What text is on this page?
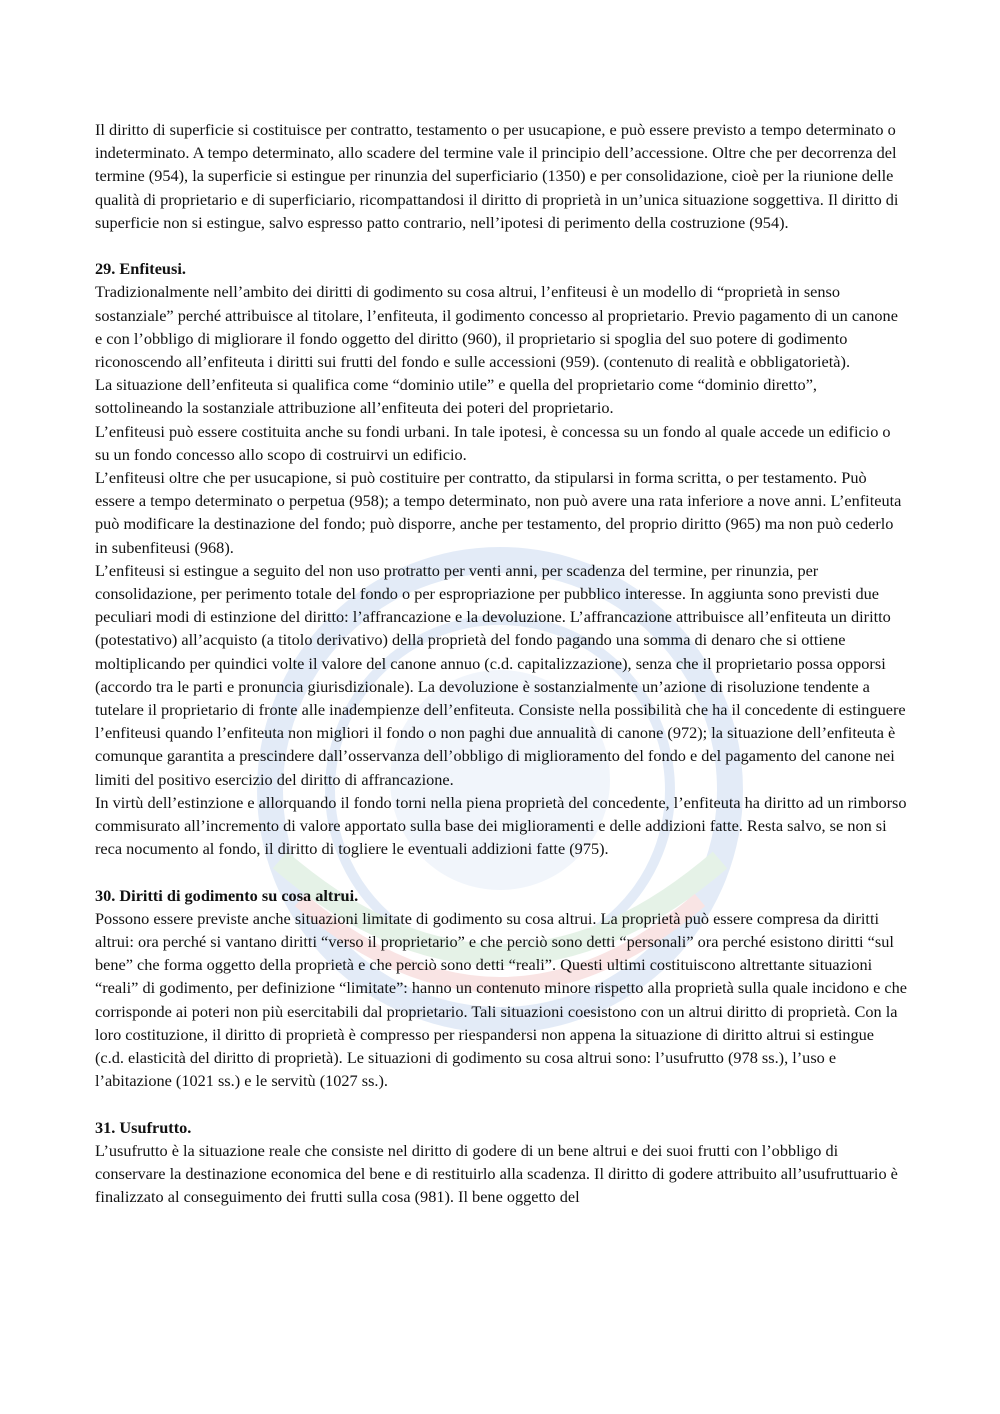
Il diritto di superficie si costituisce per contratto, testamento o per usucapione, e può essere previsto a tempo determinato o indeterminato. A tempo determinato, allo scadere del termine vale il principio dell’accessione. Oltre che per decorrenza del termine (954), la superficie si estingue per rinunzia del superficiario (1350) e per consolidazione, cioè per la riunione delle qualità di proprietario e di superficiario, ricompattandosi il diritto di proprietà in un’unica situazione soggettiva. Il diritto di superficie non si estingue, salvo espresso patto contrario, nell’ipotesi di perimento della costruzione (954).

29. Enfiteusi.

Tradizionalmente nell’ambito dei diritti di godimento su cosa altrui, l’enfiteusi è un modello di “proprietà in senso sostanziale” perché attribuisce al titolare, l’enfiteuta, il godimento concesso al proprietario. Previo pagamento di un canone e con l’obbligo di migliorare il fondo oggetto del diritto (960), il proprietario si spoglia del suo potere di godimento riconoscendo all’enfiteuta i diritti sui frutti del fondo e sulle accessioni (959). (contenuto di realità e obbligatorietà).

La situazione dell’enfiteuta si qualifica come “dominio utile” e quella del proprietario come “dominio diretto”, sottolineando la sostanziale attribuzione all’enfiteuta dei poteri del proprietario.

L’enfiteusi può essere costituita anche su fondi urbani. In tale ipotesi, è concessa su un fondo al quale accede un edificio o su un fondo concesso allo scopo di costruirvi un edificio.

L’enfiteusi oltre che per usucapione, si può costituire per contratto, da stipularsi in forma scritta, o per testamento. Può essere a tempo determinato o perpetua (958); a tempo determinato, non può avere una rata inferiore a nove anni. L’enfiteuta può modificare la destinazione del fondo; può disporre, anche per testamento, del proprio diritto (965) ma non può cederlo in subenfiteusi (968).

L’enfiteusi si estingue a seguito del non uso protratto per venti anni, per scadenza del termine, per rinunzia, per consolidazione, per perimento totale del fondo o per espropriazione per pubblico interesse. In aggiunta sono previsti due peculiari modi di estinzione del diritto: l’affrancazione e la devoluzione. L’affrancazione attribuisce all’enfiteuta un diritto (potestativo) all’acquisto (a titolo derivativo) della proprietà del fondo pagando una somma di denaro che si ottiene moltiplicando per quindici volte il valore del canone annuo (c.d. capitalizzazione), senza che il proprietario possa opporsi (accordo tra le parti e pronuncia giurisdizionale). La devoluzione è sostanzialmente un’azione di risoluzione tendente a tutelare il proprietario di fronte alle inadempienze dell’enfiteuta. Consiste nella possibilità che ha il concedente di estinguere l’enfiteusi quando l’enfiteuta non migliori il fondo o non paghi due annualità di canone (972); la situazione dell’enfiteuta è comunque garantita a prescindere dall’osservanza dell’obbligo di miglioramento del fondo e del pagamento del canone nei limiti del positivo esercizio del diritto di affrancazione.

In virtù dell’estinzione e allorquando il fondo torni nella piena proprietà del concedente, l’enfiteuta ha diritto ad un rimborso commisurato all’incremento di valore apportato sulla base dei miglioramenti e delle addizioni fatte. Resta salvo, se non si reca nocumento al fondo, il diritto di togliere le eventuali addizioni fatte (975).

30. Diritti di godimento su cosa altrui.

Possono essere previste anche situazioni limitate di godimento su cosa altrui. La proprietà può essere compresa da diritti altrui: ora perché si vantano diritti “verso il proprietario” e che perciò sono detti “personali” ora perché esistono diritti “sul bene” che forma oggetto della proprietà e che perciò sono detti “reali”. Questi ultimi costituiscono altrettante situazioni “reali” di godimento, per definizione “limitate”: hanno un contenuto minore rispetto alla proprietà sulla quale incidono e che corrisponde ai poteri non più esercitabili dal proprietario. Tali situazioni coesistono con un altrui diritto di proprietà. Con la loro costituzione, il diritto di proprietà è compresso per riespandersi non appena la situazione di diritto altrui si estingue (c.d. elasticità del diritto di proprietà). Le situazioni di godimento su cosa altrui sono: l’usufrutto (978 ss.), l’uso e l’abitazione (1021 ss.) e le servitù (1027 ss.).

31. Usufrutto.

L’usufrutto è la situazione reale che consiste nel diritto di godere di un bene altrui e dei suoi frutti con l’obbligo di conservare la destinazione economica del bene e di restituirlo alla scadenza. Il diritto di godere attribuito all’usufruttuario è finalizzato al conseguimento dei frutti sulla cosa (981). Il bene oggetto del
